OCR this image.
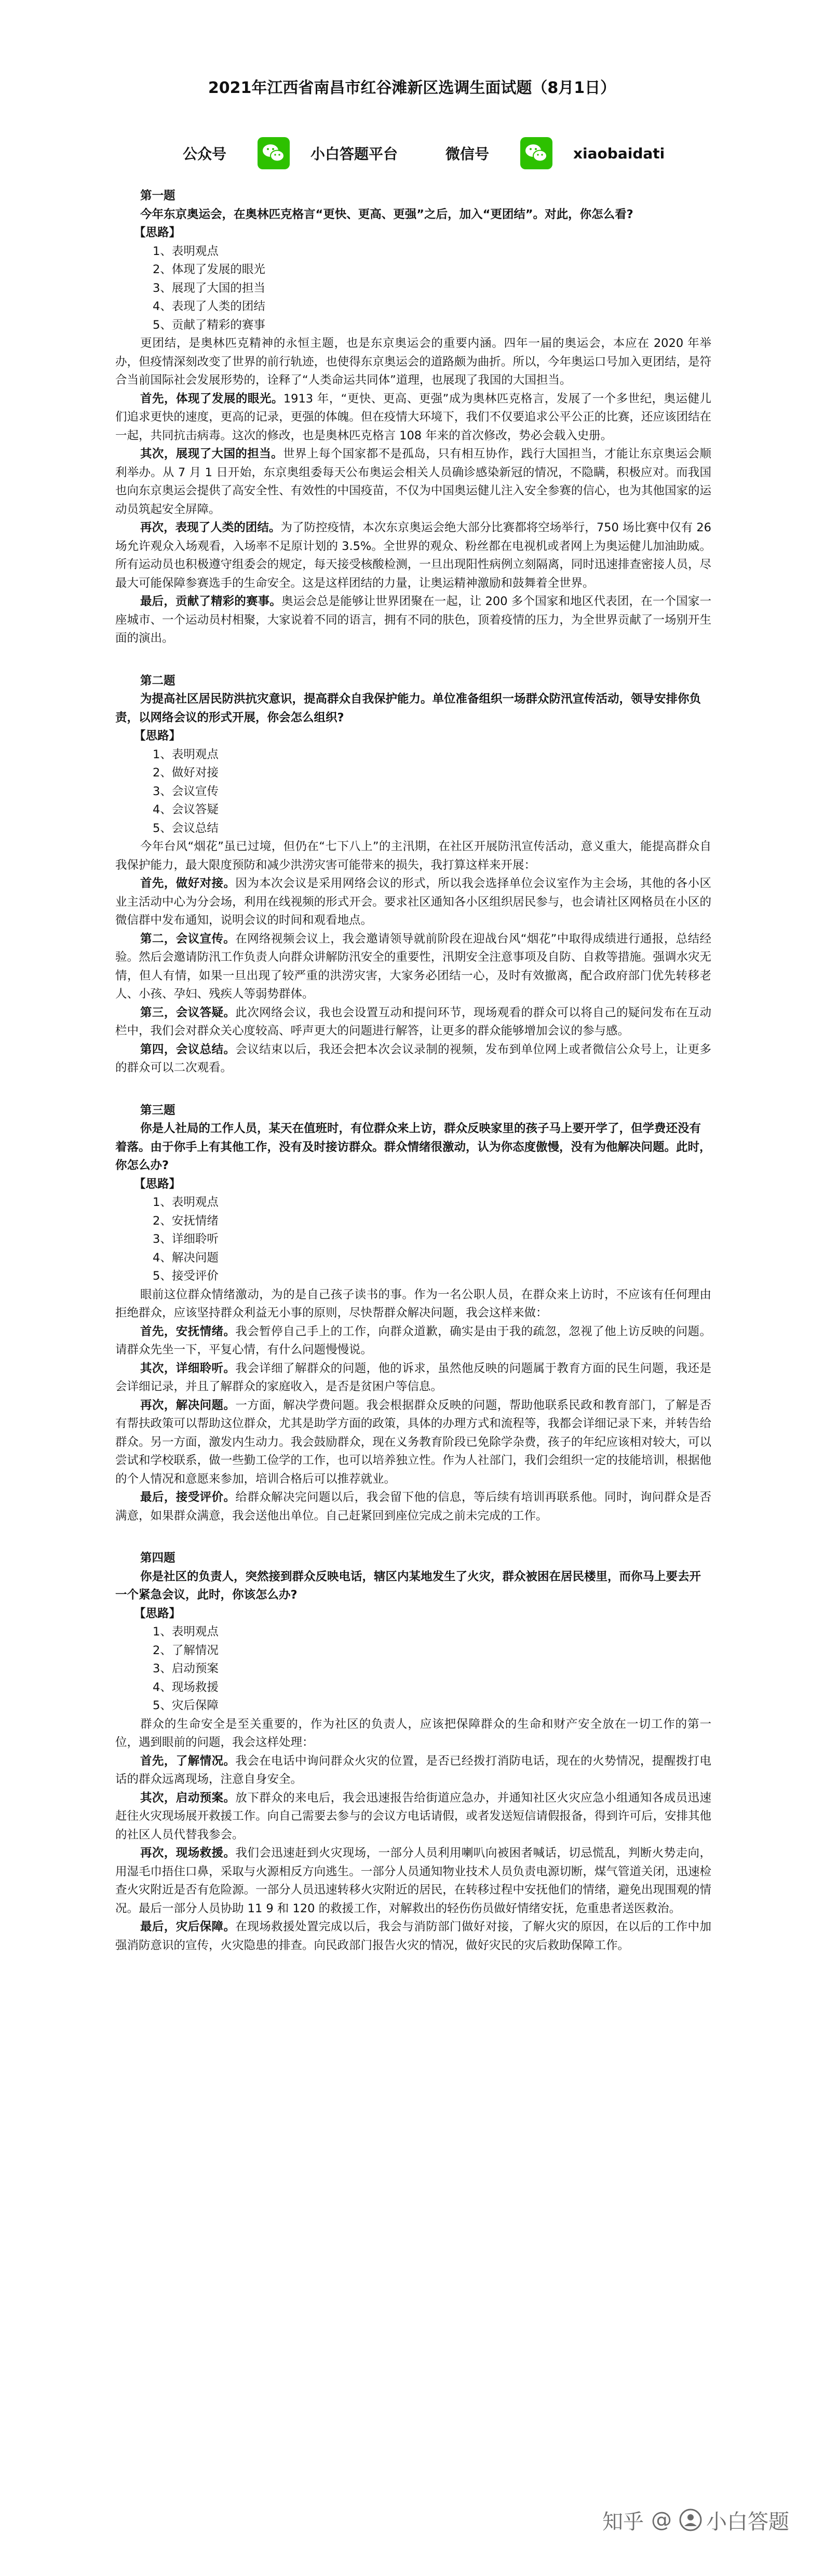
2021年江西省南昌市红谷滩新区选调生面试题（8月1日）
公众号	小白答题平台	微信号	xiaobaidati
第一题
今年东京奥运会，在奥林匹克格言“更快、更高、更强”之后，加入“更团结”。对此，你怎么看?
【思路】
1、表明观点
2、体现了发展的眼光
3、展现了大国的担当
4、表现了人类的团结
5、贡献了精彩的赛事
更团结，是奥林匹克精神的永恒主题，也是东京奥运会的重要内涵。四年一届的奥运会，本应在 2020 年举办，但疫情深刻改变了世界的前行轨迹，也使得东京奥运会的道路颇为曲折。所以，今年奥运口号加入更团结，是符合当前国际社会发展形势的，诠释了“人类命运共同体”道理，也展现了我国的大国担当。
首先，体现了发展的眼光。1913 年，“更快、更高、更强”成为奥林匹克格言，发展了一个多世纪，奥运健儿们追求更快的速度，更高的记录，更强的体魄。但在疫情大环境下，我们不仅要追求公平公正的比赛，还应该团结在一起，共同抗击病毒。这次的修改，也是奥林匹克格言 108 年来的首次修改，势必会载入史册。
其次，展现了大国的担当。世界上每个国家都不是孤岛，只有相互协作，践行大国担当，才能让东京奥运会顺利举办。从 7 月 1 日开始，东京奥组委每天公布奥运会相关人员确诊感染新冠的情况，不隐瞒，积极应对。而我国也向东京奥运会提供了高安全性、有效性的中国疫苗，不仅为中国奥运健儿注入安全参赛的信心，也为其他国家的运动员筑起安全屏障。
再次，表现了人类的团结。为了防控疫情，本次东京奥运会绝大部分比赛都将空场举行，750 场比赛中仅有 26 场允许观众入场观看，入场率不足原计划的 3.5%。全世界的观众、粉丝都在电视机或者网上为奥运健儿加油助威。所有运动员也积极遵守组委会的规定，每天接受核酸检测，一旦出现阳性病例立刻隔离，同时迅速排查密接人员，尽最大可能保障参赛选手的生命安全。这是这样团结的力量，让奥运精神激励和鼓舞着全世界。
最后，贡献了精彩的赛事。奥运会总是能够让世界团聚在一起，让 200 多个国家和地区代表团，在一个国家一座城市、一个运动员村相聚，大家说着不同的语言，拥有不同的肤色，顶着疫情的压力，为全世界贡献了一场别开生面的演出。
第二题
为提高社区居民防洪抗灾意识，提高群众自我保护能力。单位准备组织一场群众防汛宣传活动，领导安排你负责，以网络会议的形式开展，你会怎么组织?
【思路】
1、表明观点
2、做好对接
3、会议宣传
4、会议答疑
5、会议总结
今年台风“烟花”虽已过境，但仍在“七下八上”的主汛期，在社区开展防汛宣传活动，意义重大，能提高群众自我保护能力，最大限度预防和减少洪涝灾害可能带来的损失，我打算这样来开展：
首先，做好对接。因为本次会议是采用网络会议的形式，所以我会选择单位会议室作为主会场，其他的各小区业主活动中心为分会场，利用在线视频的形式开会。要求社区通知各小区组织居民参与，也会请社区网格员在小区的微信群中发布通知，说明会议的时间和观看地点。
第二，会议宣传。在网络视频会议上，我会邀请领导就前阶段在迎战台风“烟花”中取得成绩进行通报，总结经验。然后会邀请防汛工作负责人向群众讲解防汛安全的重要性，汛期安全注意事项及自防、自救等措施。强调水灾无情，但人有情，如果一旦出现了较严重的洪涝灾害，大家务必团结一心，及时有效撤离，配合政府部门优先转移老人、小孩、孕妇、残疾人等弱势群体。
第三，会议答疑。此次网络会议，我也会设置互动和提问环节，现场观看的群众可以将自己的疑问发布在互动栏中，我们会对群众关心度较高、呼声更大的问题进行解答，让更多的群众能够增加会议的参与感。
第四，会议总结。会议结束以后，我还会把本次会议录制的视频，发布到单位网上或者微信公众号上，让更多的群众可以二次观看。
第三题
你是人社局的工作人员，某天在值班时，有位群众来上访，群众反映家里的孩子马上要开学了，但学费还没有着落。由于你手上有其他工作，没有及时接访群众。群众情绪很激动，认为你态度傲慢，没有为他解决问题。此时，你怎么办?
【思路】
1、表明观点
2、安抚情绪
3、详细聆听
4、解决问题
5、接受评价
眼前这位群众情绪激动，为的是自己孩子读书的事。作为一名公职人员，在群众来上访时，不应该有任何理由拒绝群众，应该坚持群众利益无小事的原则，尽快帮群众解决问题，我会这样来做：
首先，安抚情绪。我会暂停自己手上的工作，向群众道歉，确实是由于我的疏忽，忽视了他上访反映的问题。请群众先坐一下，平复心情，有什么问题慢慢说。
其次，详细聆听。我会详细了解群众的问题，他的诉求，虽然他反映的问题属于教育方面的民生问题，我还是会详细记录，并且了解群众的家庭收入，是否是贫困户等信息。
再次，解决问题。一方面，解决学费问题。我会根据群众反映的问题，帮助他联系民政和教育部门，了解是否有帮扶政策可以帮助这位群众，尤其是助学方面的政策，具体的办理方式和流程等，我都会详细记录下来，并转告给群众。另一方面，激发内生动力。我会鼓励群众，现在义务教育阶段已免除学杂费，孩子的年纪应该相对较大，可以尝试和学校联系，做一些勤工俭学的工作，也可以培养独立性。作为人社部门，我们会组织一定的技能培训，根据他的个人情况和意愿来参加，培训合格后可以推荐就业。
最后，接受评价。给群众解决完问题以后，我会留下他的信息，等后续有培训再联系他。同时，询问群众是否满意，如果群众满意，我会送他出单位。自己赶紧回到座位完成之前未完成的工作。
第四题
你是社区的负责人，突然接到群众反映电话，辖区内某地发生了火灾，群众被困在居民楼里，而你马上要去开一个紧急会议，此时，你该怎么办?
【思路】
1、表明观点
2、了解情况
3、启动预案
4、现场救援
5、灾后保障
群众的生命安全是至关重要的，作为社区的负责人，应该把保障群众的生命和财产安全放在一切工作的第一位，遇到眼前的问题，我会这样处理：
首先，了解情况。我会在电话中询问群众火灾的位置，是否已经拨打消防电话，现在的火势情况，提醒拨打电话的群众远离现场，注意自身安全。
其次，启动预案。放下群众的来电后，我会迅速报告给街道应急办，并通知社区火灾应急小组通知各成员迅速赶往火灾现场展开救援工作。向自己需要去参与的会议方电话请假，或者发送短信请假报备，得到许可后，安排其他的社区人员代替我参会。
再次，现场救援。我们会迅速赶到火灾现场，一部分人员利用喇叭向被困者喊话，切忌慌乱，判断火势走向，用湿毛巾捂住口鼻，采取与火源相反方向逃生。一部分人员通知物业技术人员负责电源切断，煤气管道关闭，迅速检查火灾附近是否有危险源。一部分人员迅速转移火灾附近的居民，在转移过程中安抚他们的情绪，避免出现围观的情况。最后一部分人员协助 11 9 和 120 的救援工作，对解救出的轻伤伤员做好情绪安抚，危重患者送医救治。
最后，灾后保障。在现场救援处置完成以后，我会与消防部门做好对接，了解火灾的原因，在以后的工作中加强消防意识的宣传，火灾隐患的排查。向民政部门报告火灾的情况，做好灾民的灾后救助保障工作。
知乎 @ 小白答题
